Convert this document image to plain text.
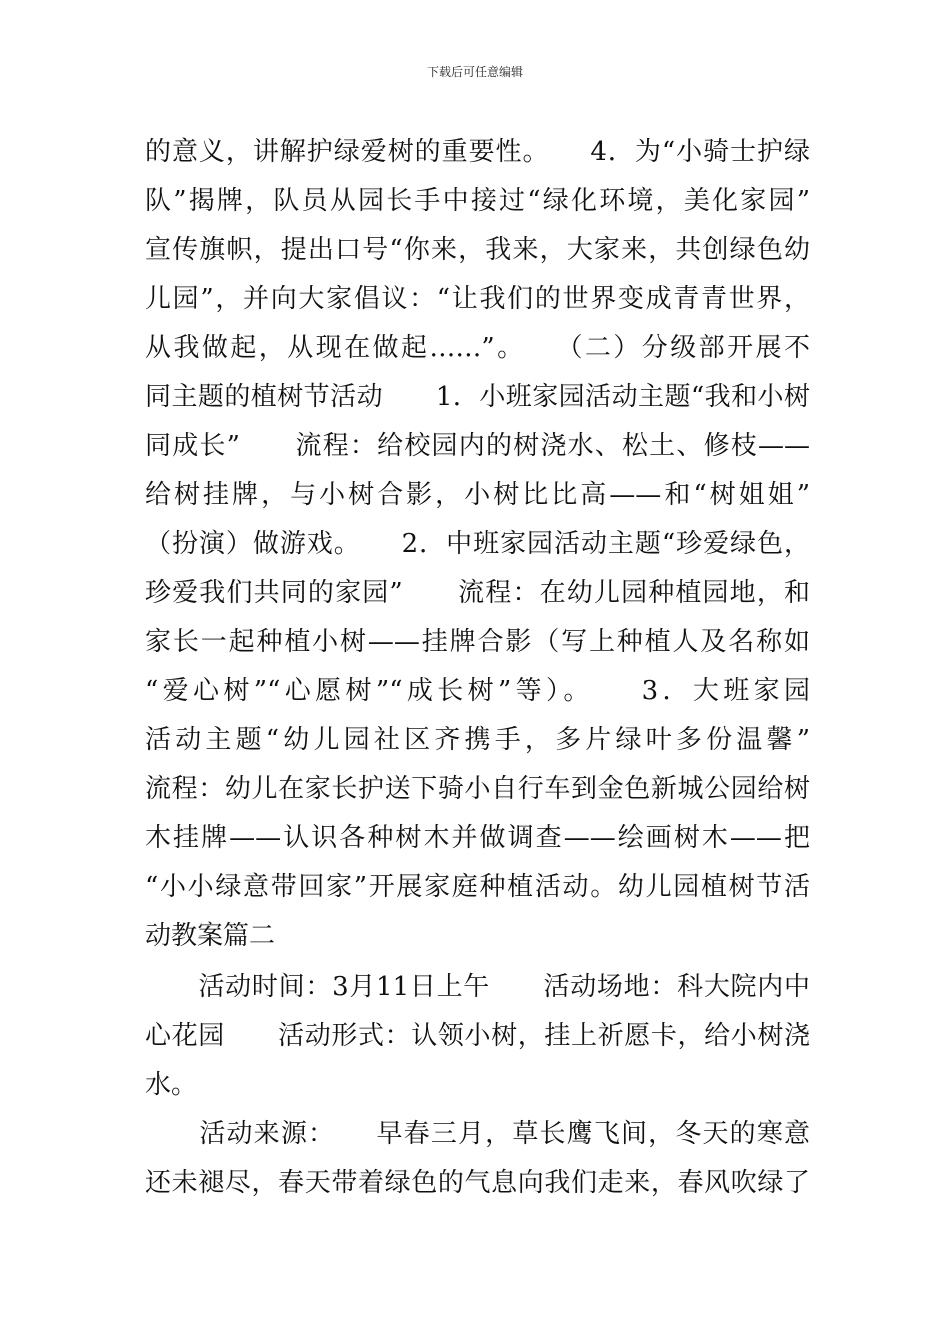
下载后可任意编辑
的意义，讲解护绿爱树的重要性。　　4．为“小骑士护绿
队”揭牌，队员从园长手中接过“绿化环境，美化家园”
宣传旗帜，提出口号“你来，我来，大家来，共创绿色幼
儿园”，并向大家倡议：“让我们的世界变成青青世界，
从我做起，从现在做起……”。　　（二）分级部开展不
同主题的植树节活动　　1．小班家园活动主题“我和小树
同成长”　　流程：给校园内的树浇水、松土、修枝——
给树挂牌，与小树合影，小树比比高——和“树姐姐”
（扮演）做游戏。　　2．中班家园活动主题“珍爱绿色，
珍爱我们共同的家园”　　流程：在幼儿园种植园地，和
家长一起种植小树——挂牌合影（写上种植人及名称如
“爱心树”“心愿树”“成长树”等）。　　3．大班家园
活动主题“幼儿园社区齐携手，多片绿叶多份温馨”
流程：幼儿在家长护送下骑小自行车到金色新城公园给树
木挂牌——认识各种树木并做调查——绘画树木——把
“小小绿意带回家”开展家庭种植活动。幼儿园植树节活
动教案篇二
　　活动时间：3月11日上午　　活动场地：科大院内中
心花园　　活动形式：认领小树，挂上祈愿卡，给小树浇
水。
　　活动来源：　　早春三月，草长鹰飞间，冬天的寒意
还未褪尽，春天带着绿色的气息向我们走来，春风吹绿了
